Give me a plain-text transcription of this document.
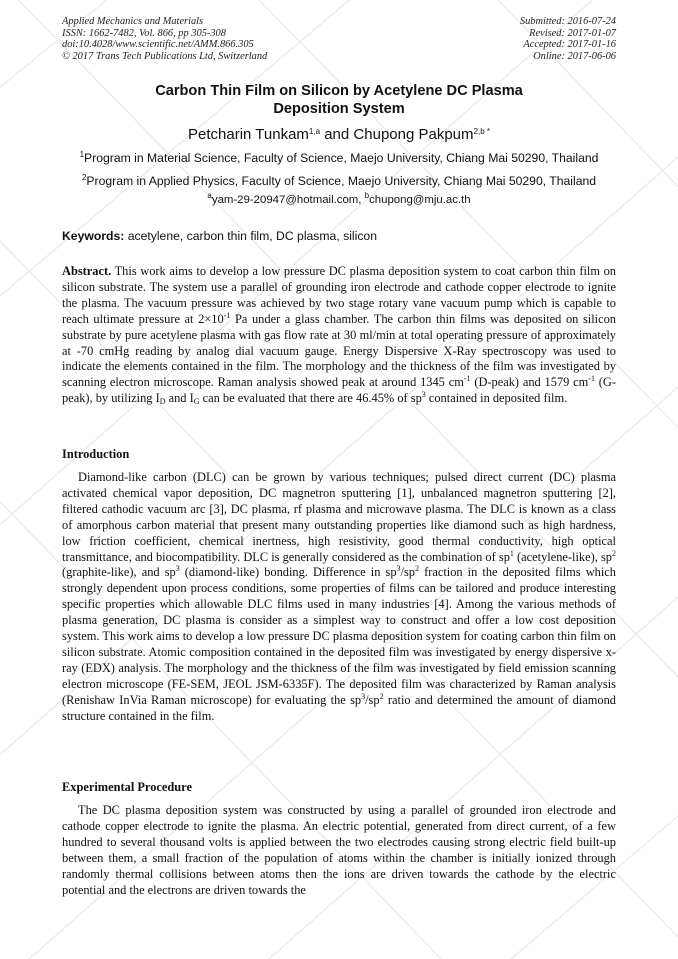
Applied Mechanics and Materials
ISSN: 1662-7482, Vol. 866, pp 305-308
doi:10.4028/www.scientific.net/AMM.866.305
© 2017 Trans Tech Publications Ltd, Switzerland
Submitted: 2016-07-24
Revised: 2017-01-07
Accepted: 2017-01-16
Online: 2017-06-06
Carbon Thin Film on Silicon by Acetylene DC Plasma
Deposition System
Petcharin Tunkam$^{1,a}$ and Chupong Pakpum$^{2,b *}$
$^1$Program in Material Science, Faculty of Science, Maejo University, Chiang Mai 50290, Thailand
$^2$Program in Applied Physics, Faculty of Science, Maejo University, Chiang Mai 50290, Thailand
$^a$yam-29-20947@hotmail.com, $^b$chupong@mju.ac.th
Keywords: acetylene, carbon thin film, DC plasma, silicon
Abstract. This work aims to develop a low pressure DC plasma deposition system to coat carbon thin film on silicon substrate. The system use a parallel of grounding iron electrode and cathode copper electrode to ignite the plasma. The vacuum pressure was achieved by two stage rotary vane vacuum pump which is capable to reach ultimate pressure at $2\times 10^{-1}$ Pa under a glass chamber. The carbon thin films was deposited on silicon substrate by pure acetylene plasma with gas flow rate at 30 ml/min at total operating pressure of approximately at -70 cmHg reading by analog dial vacuum gauge. Energy Dispersive X-Ray spectroscopy was used to indicate the elements contained in the film. The morphology and the thickness of the film was investigated by scanning electron microscope. Raman analysis showed peak at around 1345 $cm^{-1}$ (D-peak) and 1579 $cm^{-1}$ (G-peak), by utilizing $I_D$ and $I_G$ can be evaluated that there are 46.45% of $sp^3$ contained in deposited film.
Introduction
Diamond-like carbon (DLC) can be grown by various techniques; pulsed direct current (DC) plasma activated chemical vapor deposition, DC magnetron sputtering [1], unbalanced magnetron sputtering [2], filtered cathodic vacuum arc [3], DC plasma, rf plasma and microwave plasma. The DLC is known as a class of amorphous carbon material that present many outstanding properties like diamond such as high hardness, low friction coefficient, chemical inertness, high resistivity, good thermal conductivity, high optical transmittance, and biocompatibility. DLC is generally considered as the combination of $sp^1$ (acetylene-like), $sp^2$ (graphite-like), and $sp^3$ (diamond-like) bonding. Difference in $sp^3/sp^2$ fraction in the deposited films which strongly dependent upon process conditions, some properties of films can be tailored and produce interesting specific properties which allowable DLC films used in many industries [4]. Among the various methods of plasma generation, DC plasma is consider as a simplest way to construct and offer a low cost deposition system. This work aims to develop a low pressure DC plasma deposition system for coating carbon thin film on silicon substrate. Atomic composition contained in the deposited film was investigated by energy dispersive x-ray (EDX) analysis. The morphology and the thickness of the film was investigated by field emission scanning electron microscope (FE-SEM, JEOL JSM-6335F). The deposited film was characterized by Raman analysis (Renishaw InVia Raman microscope) for evaluating the $sp^3/sp^2$ ratio and determined the amount of diamond structure contained in the film.
Experimental Procedure
The DC plasma deposition system was constructed by using a parallel of grounded iron electrode and cathode copper electrode to ignite the plasma. An electric potential, generated from direct current, of a few hundred to several thousand volts is applied between the two electrodes causing strong electric field built-up between them, a small fraction of the population of atoms within the chamber is initially ionized through randomly thermal collisions between atoms then the ions are driven towards the cathode by the electric potential and the electrons are driven towards the
